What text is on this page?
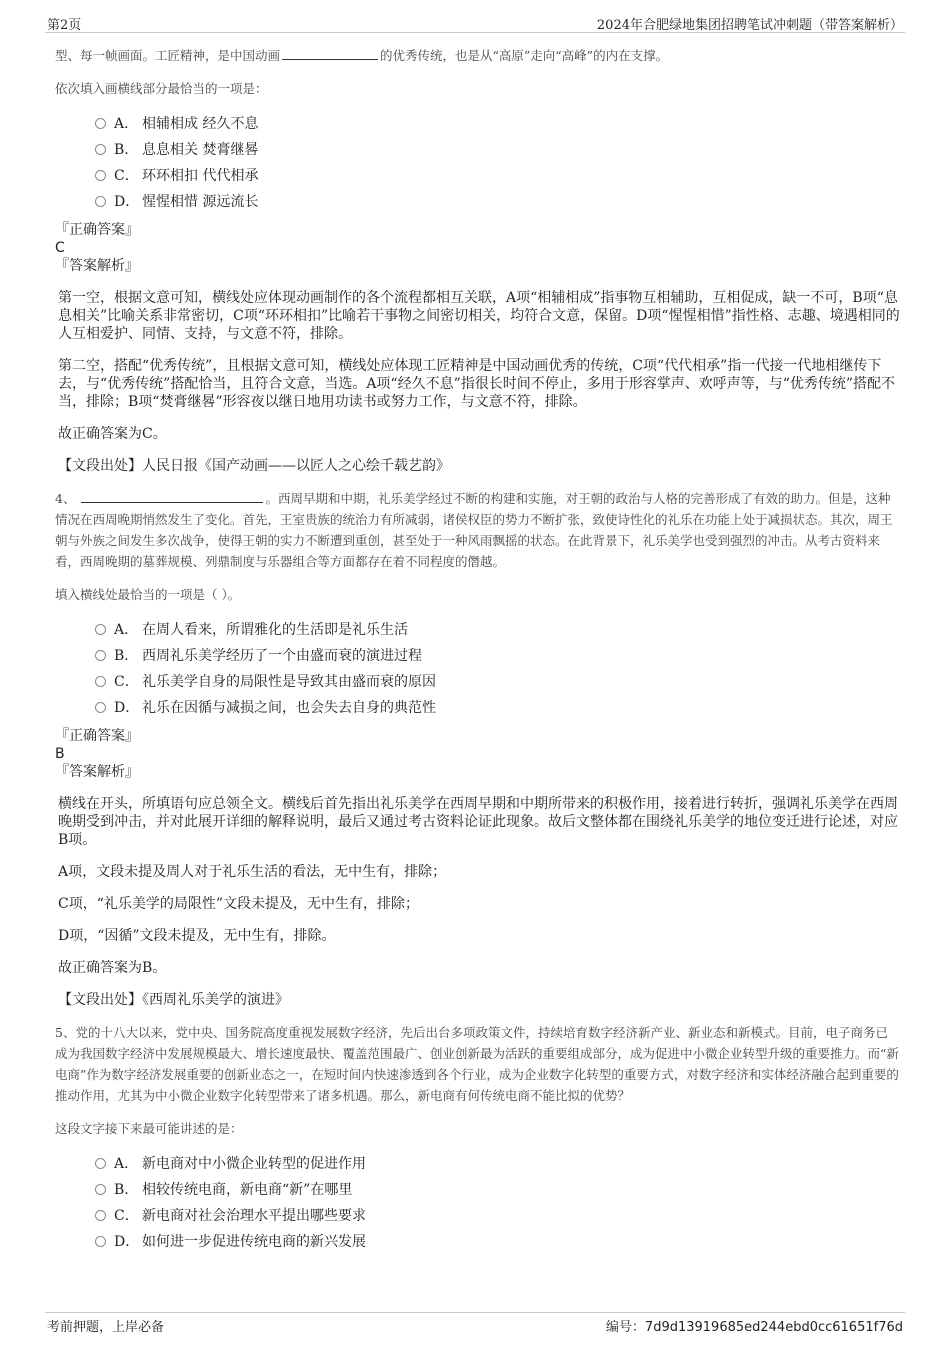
第2页	2024年合肥绿地集团招聘笔试冲刺题（带答案解析）

型、每一帧画面。工匠精神，是中国动画	的优秀传统，也是从“高原”走向“高峰”的内在支撑。

依次填入画横线部分最恰当的一项是：

A． 相辅相成 经久不息
B． 息息相关 焚膏继晷
C． 环环相扣 代代相承
D． 惺惺相惜 源远流长

『正确答案』

C

『答案解析』

第一空，根据文意可知，横线处应体现动画制作的各个流程都相互关联，A项“相辅相成”指事物互相辅助，互相促成，缺一不可，B项“息息相关”比喻关系非常密切，C项“环环相扣”比喻若干事物之间密切相关，均符合文意，保留。D项“惺惺相惜”指性格、志趣、境遇相同的人互相爱护、同情、支持，与文意不符，排除。

第二空，搭配“优秀传统”，且根据文意可知，横线处应体现工匠精神是中国动画优秀的传统，C项“代代相承”指一代接一代地相继传下去，与“优秀传统”搭配恰当，且符合文意，当选。A项“经久不息”指很长时间不停止，多用于形容掌声、欢呼声等，与“优秀传统”搭配不当，排除；B项“焚膏继晷”形容夜以继日地用功读书或努力工作，与文意不符，排除。

故正确答案为C。

【文段出处】人民日报《国产动画——以匠人之心绘千载艺韵》

4、	。西周早期和中期，礼乐美学经过不断的构建和实施，对王朝的政治与人格的完善形成了有效的助力。但是，这种情况在西周晚期悄然发生了变化。首先，王室贵族的统治力有所减弱，诸侯权臣的势力不断扩张，致使诗性化的礼乐在功能上处于减损状态。其次，周王朝与外族之间发生多次战争，使得王朝的实力不断遭到重创，甚至处于一种风雨飘摇的状态。在此背景下，礼乐美学也受到强烈的冲击。从考古资料来看，西周晚期的墓葬规模、列鼎制度与乐器组合等方面都存在着不同程度的僭越。

填入横线处最恰当的一项是（ ）。

A． 在周人看来，所谓雅化的生活即是礼乐生活
B． 西周礼乐美学经历了一个由盛而衰的演进过程
C． 礼乐美学自身的局限性是导致其由盛而衰的原因
D． 礼乐在因循与减损之间，也会失去自身的典范性

『正确答案』

B

『答案解析』

横线在开头，所填语句应总领全文。横线后首先指出礼乐美学在西周早期和中期所带来的积极作用，接着进行转折，强调礼乐美学在西周晚期受到冲击，并对此展开详细的解释说明，最后又通过考古资料论证此现象。故后文整体都在围绕礼乐美学的地位变迁进行论述，对应B项。

A项，文段未提及周人对于礼乐生活的看法，无中生有，排除；

C项，“礼乐美学的局限性”文段未提及，无中生有，排除；

D项，“因循”文段未提及，无中生有，排除。

故正确答案为B。

【文段出处】《西周礼乐美学的演进》

5、党的十八大以来，党中央、国务院高度重视发展数字经济，先后出台多项政策文件，持续培育数字经济新产业、新业态和新模式。目前，电子商务已成为我国数字经济中发展规模最大、增长速度最快、覆盖范围最广、创业创新最为活跃的重要组成部分，成为促进中小微企业转型升级的重要推力。而“新电商”作为数字经济发展重要的创新业态之一，在短时间内快速渗透到各个行业，成为企业数字化转型的重要方式，对数字经济和实体经济融合起到重要的推动作用，尤其为中小微企业数字化转型带来了诸多机遇。那么，新电商有何传统电商不能比拟的优势？

这段文字接下来最可能讲述的是：

A． 新电商对中小微企业转型的促进作用
B． 相较传统电商，新电商“新”在哪里
C． 新电商对社会治理水平提出哪些要求
D． 如何进一步促进传统电商的新兴发展
考前押题，上岸必备	编号：7d9d13919685ed244ebd0cc61651f76d
